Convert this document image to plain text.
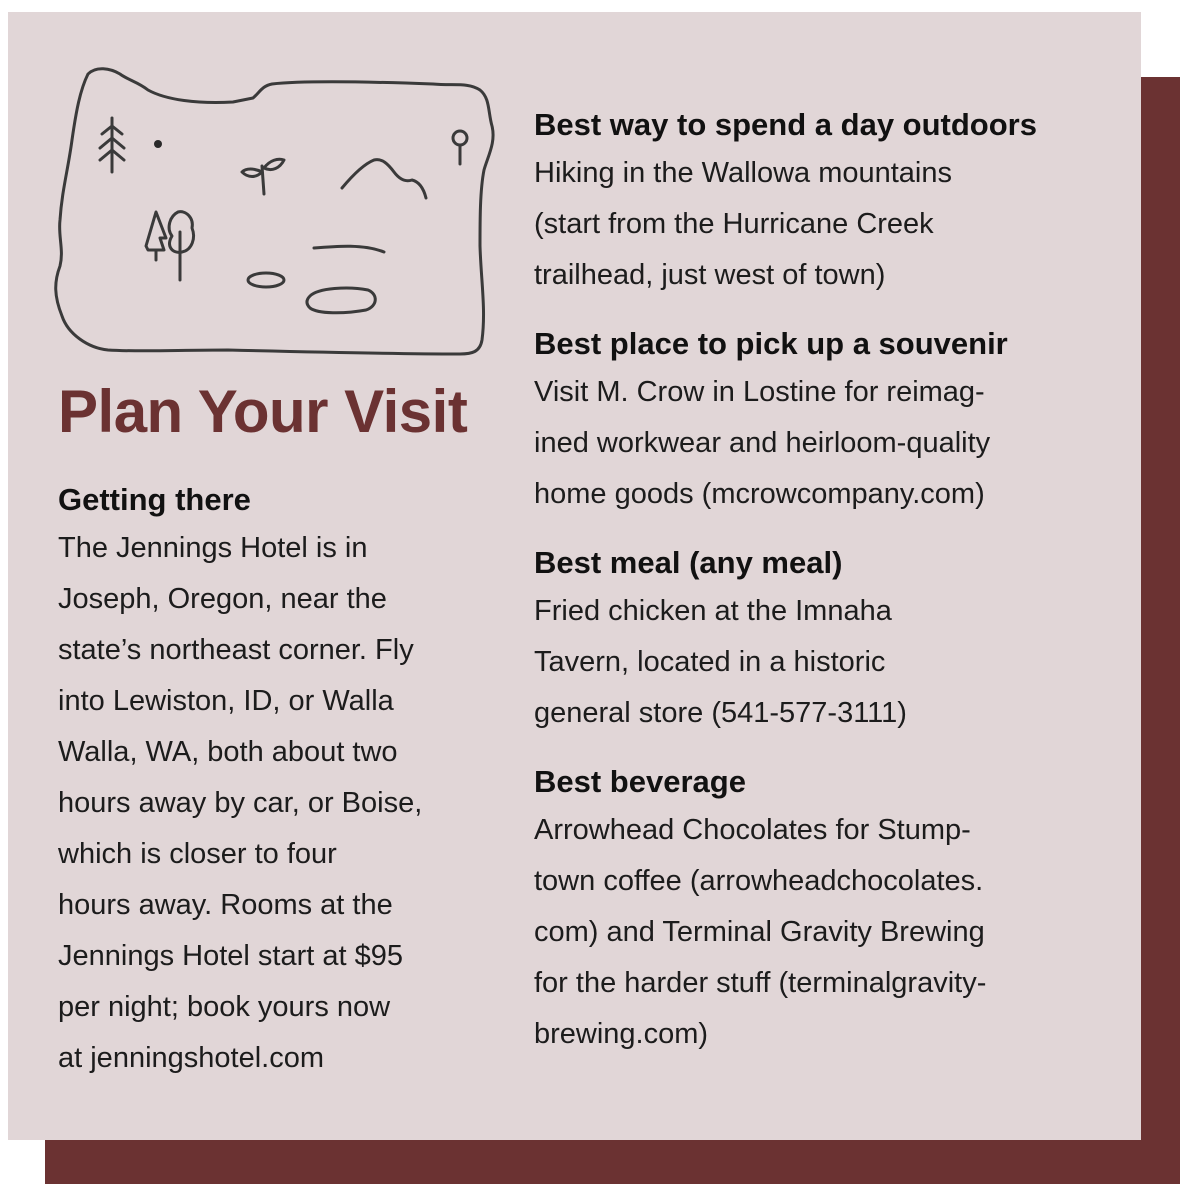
Plan Your Visit
Getting there

The Jennings Hotel is in
Joseph, Oregon, near the
state’s northeast corner. Fly
into Lewiston, ID, or Walla
Walla, WA, both about two
hours away by car, or Boise,
which is closer to four
hours away. Rooms at the
Jennings Hotel start at $95
per night; book yours now
at jenningshotel.com

Best way to spend a day outdoors

Hiking in the Wallowa mountains
(start from the Hurricane Creek
trailhead, just west of town)

Best place to pick up a souvenir

Visit M. Crow in Lostine for reimag-
ined workwear and heirloom-quality
home goods (mcrowcompany.com)

Best meal (any meal)

Fried chicken at the Imnaha
Tavern, located in a historic
general store (541-577-3111)

Best beverage

Arrowhead Chocolates for Stump-
town coffee (arrowheadchocolates.
com) and Terminal Gravity Brewing
for the harder stuff (terminalgravity-
brewing.com)
